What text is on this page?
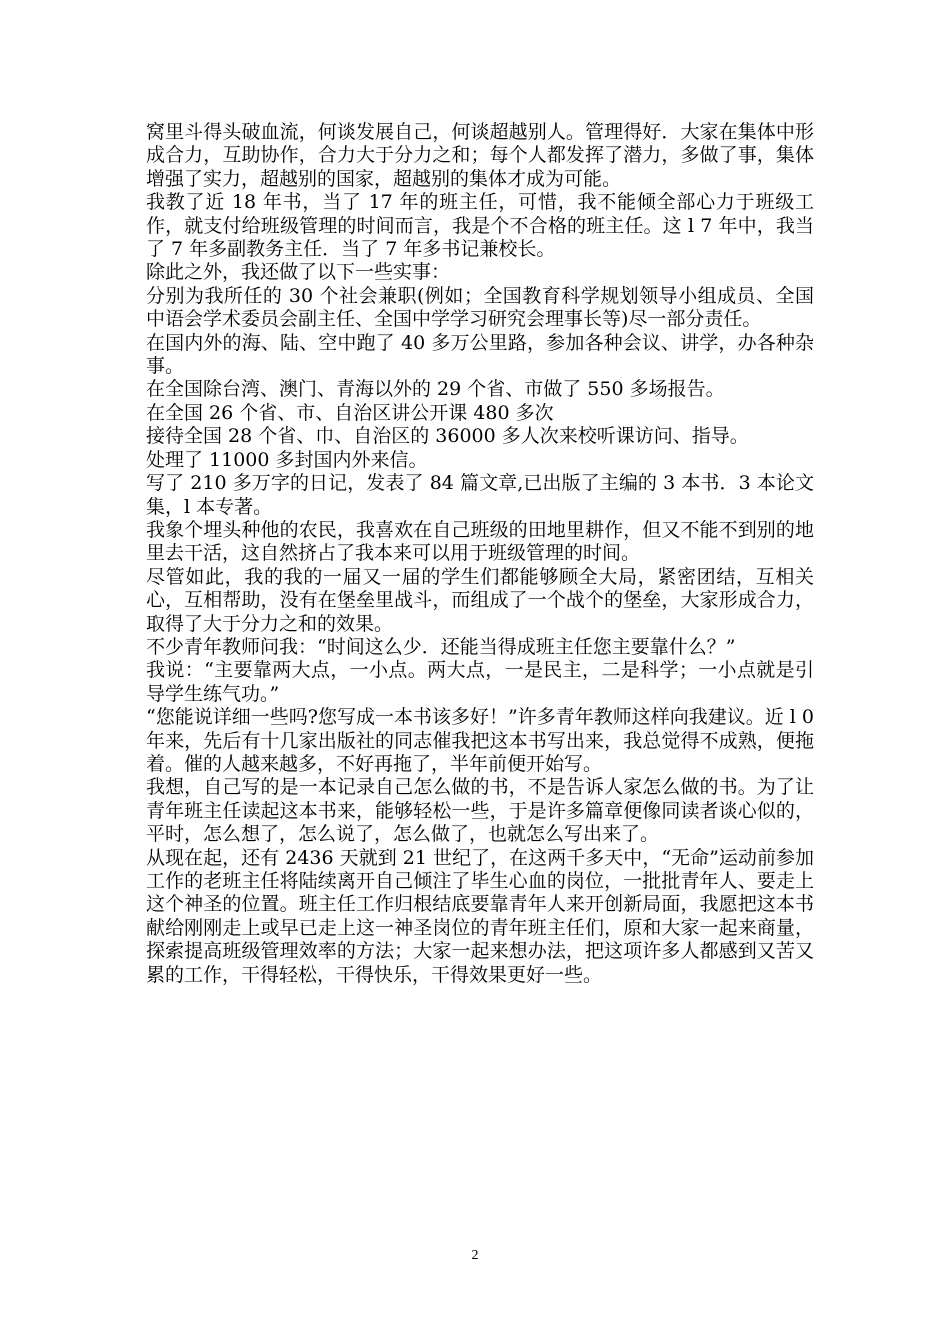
窝里斗得头破血流，何谈发展自己，何谈超越别人。管理得好．大家在集体中形成合力，互助协作，合力大于分力之和；每个人都发挥了潜力，多做了事，集体增强了实力，超越别的国家，超越别的集体才成为可能。

我教了近 18 年书，当了 17 年的班主任，可惜，我不能倾全部心力于班级工作，就支付给班级管理的时间而言，我是个不合格的班主任。这 l 7 年中，我当了 7 年多副教务主任．当了 7 年多书记兼校长。

除此之外，我还做了以下一些实事：

分别为我所任的 30 个社会兼职(例如；全国教育科学规划领导小组成员、全国中语会学术委员会副主任、全国中学学习研究会理事长等)尽一部分责任。

在国内外的海、陆、空中跑了 40 多万公里路，参加各种会议、讲学，办各种杂事。

在全国除台湾、澳门、青海以外的 29 个省、市做了 550 多场报告。

在全国 26 个省、市、自治区讲公开课 480 多次

接待全国 28 个省、巾、自治区的 36000 多人次来校听课访问、指导。

处理了 11000 多封国内外来信。

写了 210 多万字的日记，发表了 84 篇文章,已出版了主编的 3 本书．3 本论文集，l 本专著。

我象个埋头种他的农民，我喜欢在自己班级的田地里耕作，但又不能不到别的地里去干活，这自然挤占了我本来可以用于班级管理的时间。

尽管如此，我的我的一届又一届的学生们都能够顾全大局，紧密团结，互相关心，互相帮助，没有在堡垒里战斗，而组成了一个战个的堡垒，大家形成合力，取得了大于分力之和的效果。

不少青年教师问我：“时间这么少．还能当得成班主任您主要靠什么？”

我说：“主要靠两大点，一小点。两大点，一是民主，二是科学；一小点就是引导学生练气功。”

“您能说详细一些吗?您写成一本书该多好！”许多青年教师这样向我建议。近 l 0 年来，先后有十几家出版社的同志催我把这本书写出来，我总觉得不成熟，便拖着。催的人越来越多，不好再拖了，半年前便开始写。

我想，自己写的是一本记录自己怎么做的书，不是告诉人家怎么做的书。为了让青年班主任读起这本书来，能够轻松一些，于是许多篇章便像同读者谈心似的，平时，怎么想了，怎么说了，怎么做了，也就怎么写出来了。

从现在起，还有 2436 天就到 21 世纪了，在这两千多天中，“无命”运动前参加工作的老班主任将陆续离开自己倾注了毕生心血的岗位，一批批青年人、要走上这个神圣的位置。班主任工作归根结底要靠青年人来开创新局面，我愿把这本书献给刚刚走上或早已走上这一神圣岗位的青年班主任们，原和大家一起来商量，探索提高班级管理效率的方法；大家一起来想办法，把这项许多人都感到又苦又累的工作，干得轻松，干得快乐，干得效果更好一些。

2
